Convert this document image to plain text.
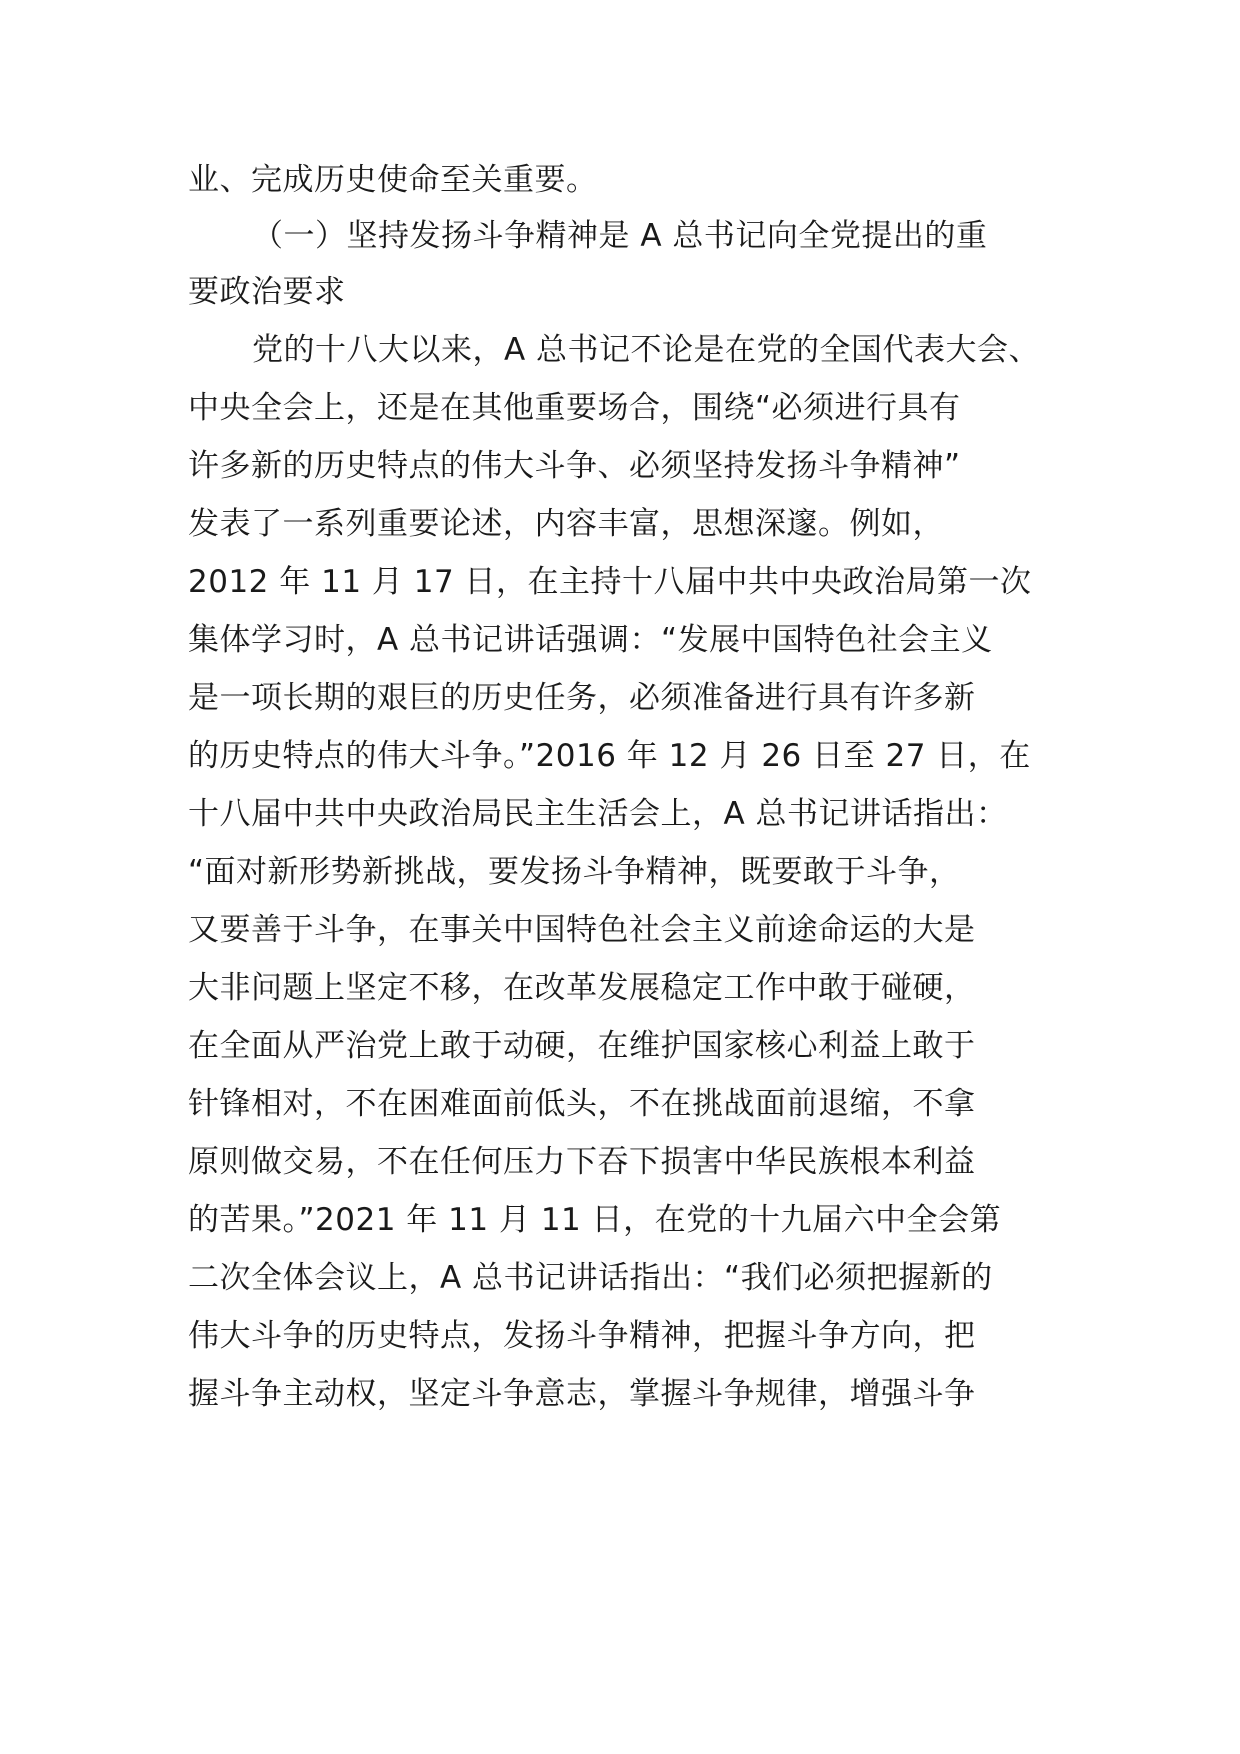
业、完成历史使命至关重要。
（一）坚持发扬斗争精神是 A 总书记向全党提出的重
要政治要求
党的十八大以来，A 总书记不论是在党的全国代表大会、
中央全会上，还是在其他重要场合，围绕“必须进行具有
许多新的历史特点的伟大斗争、必须坚持发扬斗争精神”
发表了一系列重要论述，内容丰富，思想深邃。例如，
2012 年 11 月 17 日，在主持十八届中共中央政治局第一次
集体学习时，A 总书记讲话强调：“发展中国特色社会主义
是一项长期的艰巨的历史任务，必须准备进行具有许多新
的历史特点的伟大斗争。”2016 年 12 月 26 日至 27 日，在
十八届中共中央政治局民主生活会上，A 总书记讲话指出：
“面对新形势新挑战，要发扬斗争精神，既要敢于斗争，
又要善于斗争，在事关中国特色社会主义前途命运的大是
大非问题上坚定不移，在改革发展稳定工作中敢于碰硬，
在全面从严治党上敢于动硬，在维护国家核心利益上敢于
针锋相对，不在困难面前低头，不在挑战面前退缩，不拿
原则做交易，不在任何压力下吞下损害中华民族根本利益
的苦果。”2021 年 11 月 11 日，在党的十九届六中全会第
二次全体会议上，A 总书记讲话指出：“我们必须把握新的
伟大斗争的历史特点，发扬斗争精神，把握斗争方向，把
握斗争主动权，坚定斗争意志，掌握斗争规律，增强斗争
